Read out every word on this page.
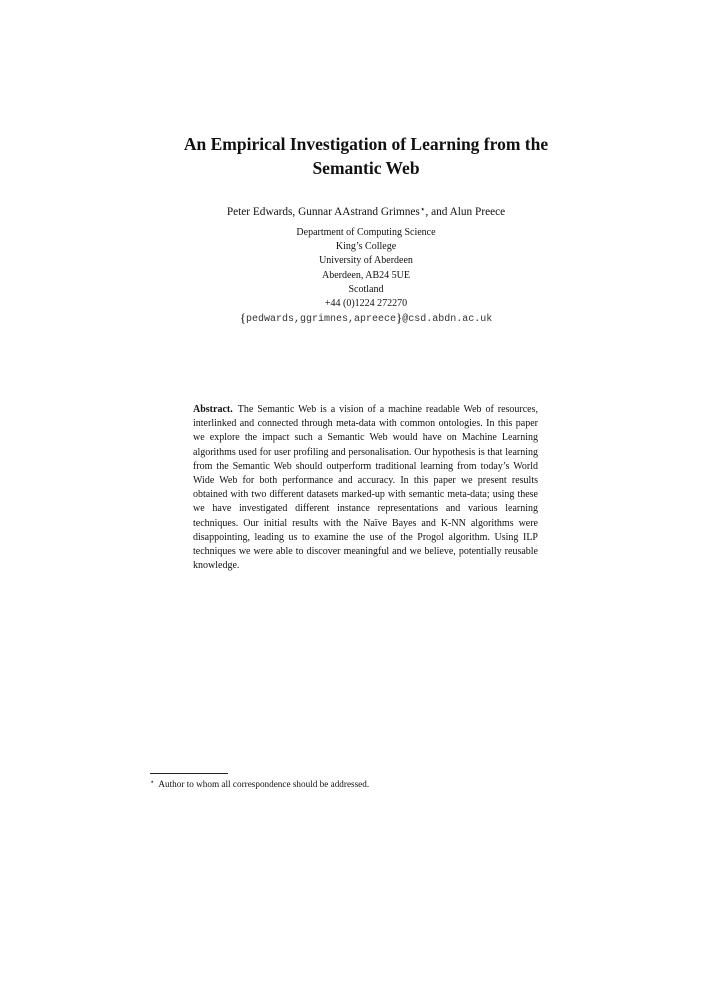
An Empirical Investigation of Learning from the
Semantic Web
Peter Edwards, Gunnar AAstrand Grimnes⋆, and Alun Preece
Department of Computing Science
King’s College
University of Aberdeen
Aberdeen, AB24 5UE
Scotland
+44 (0)1224 272270
{pedwards,ggrimnes,apreece}@csd.abdn.ac.uk

Abstract. The Semantic Web is a vision of a machine readable Web of resources, interlinked and connected through meta-data with common ontologies. In this paper we explore the impact such a Semantic Web would have on Machine Learning algorithms used for user profiling and personalisation. Our hypothesis is that learning from the Semantic Web should outperform traditional learning from today’s World Wide Web for both performance and accuracy. In this paper we present results obtained with two different datasets marked-up with semantic meta-data; using these we have investigated different instance representations and various learning techniques. Our initial results with the Naïve Bayes and K-NN algorithms were disappointing, leading us to examine the use of the Progol algorithm. Using ILP techniques we were able to discover meaningful and we believe, potentially reusable knowledge.

⋆ Author to whom all correspondence should be addressed.
